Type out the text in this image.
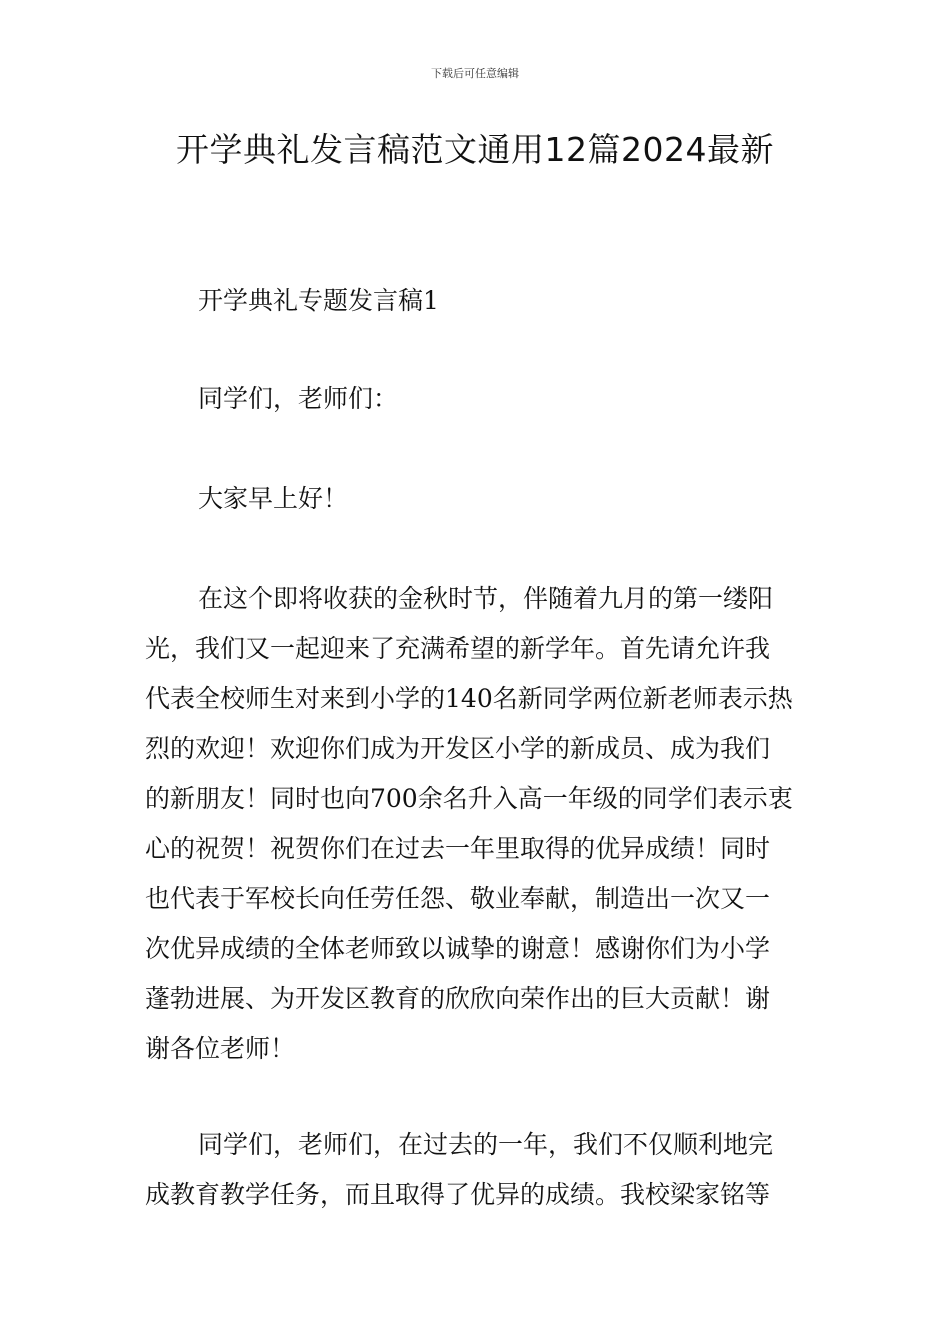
下载后可任意编辑
开学典礼发言稿范文通用12篇2024最新

开学典礼专题发言稿1

同学们，老师们：

大家早上好！

在这个即将收获的金秋时节，伴随着九月的第一缕阳
光，我们又一起迎来了充满希望的新学年。首先请允许我
代表全校师生对来到小学的140名新同学两位新老师表示热
烈的欢迎！欢迎你们成为开发区小学的新成员、成为我们
的新朋友！同时也向700余名升入高一年级的同学们表示衷
心的祝贺！祝贺你们在过去一年里取得的优异成绩！同时
也代表于军校长向任劳任怨、敬业奉献，制造出一次又一
次优异成绩的全体老师致以诚挚的谢意！感谢你们为小学
蓬勃进展、为开发区教育的欣欣向荣作出的巨大贡献！谢
谢各位老师！
同学们，老师们，在过去的一年，我们不仅顺利地完
成教育教学任务，而且取得了优异的成绩。我校梁家铭等
